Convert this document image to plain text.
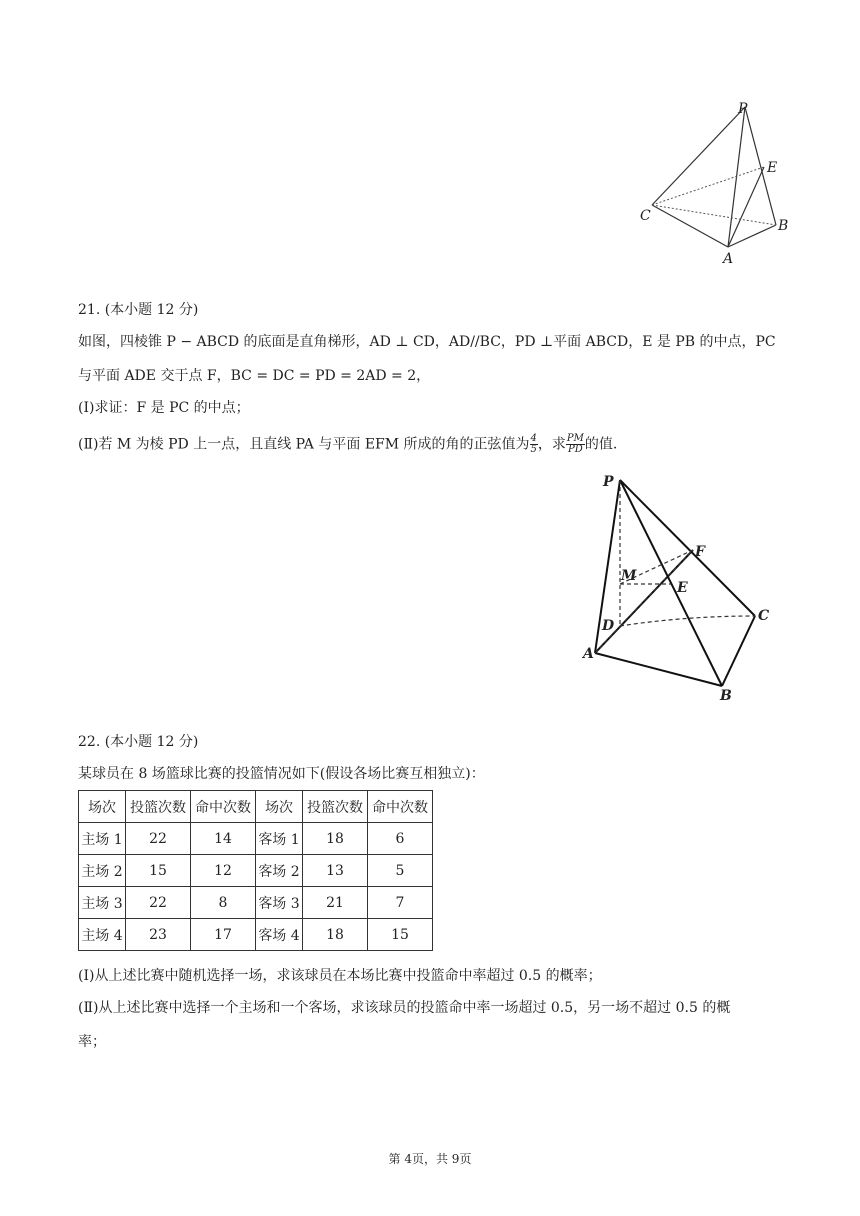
P
E
C
B
A
21. (本小题 12 分)
如图，四棱锥 P − ABCD 的底面是直角梯形，AD ⊥ CD，AD//BC，PD ⊥平面 ABCD，E 是 PB 的中点，PC
与平面 ADE 交于点 F，BC = DC = PD = 2AD = 2，
(Ⅰ)求证：F 是 PC 的中点；
(Ⅱ)若 M 为棱 PD 上一点，且直线 PA 与平面 EFM 所成的角的正弦值为 $\frac{4}{5}$ ，求 $\frac{PM}{PD}$ 的值.
P
F
M
E
D
C
A
B
22. (本小题 12 分)
某球员在 8 场篮球比赛的投篮情况如下(假设各场比赛互相独立)：
场次	投篮次数	命中次数	场次	投篮次数	命中次数
主场 1	22	14	客场 1	18	6
主场 2	15	12	客场 2	13	5
主场 3	22	8	客场 3	21	7
主场 4	23	17	客场 4	18	15
(Ⅰ)从上述比赛中随机选择一场，求该球员在本场比赛中投篮命中率超过 0.5 的概率；
(Ⅱ)从上述比赛中选择一个主场和一个客场，求该球员的投篮命中率一场超过 0.5，另一场不超过 0.5 的概
率；
第 4页，共 9页
